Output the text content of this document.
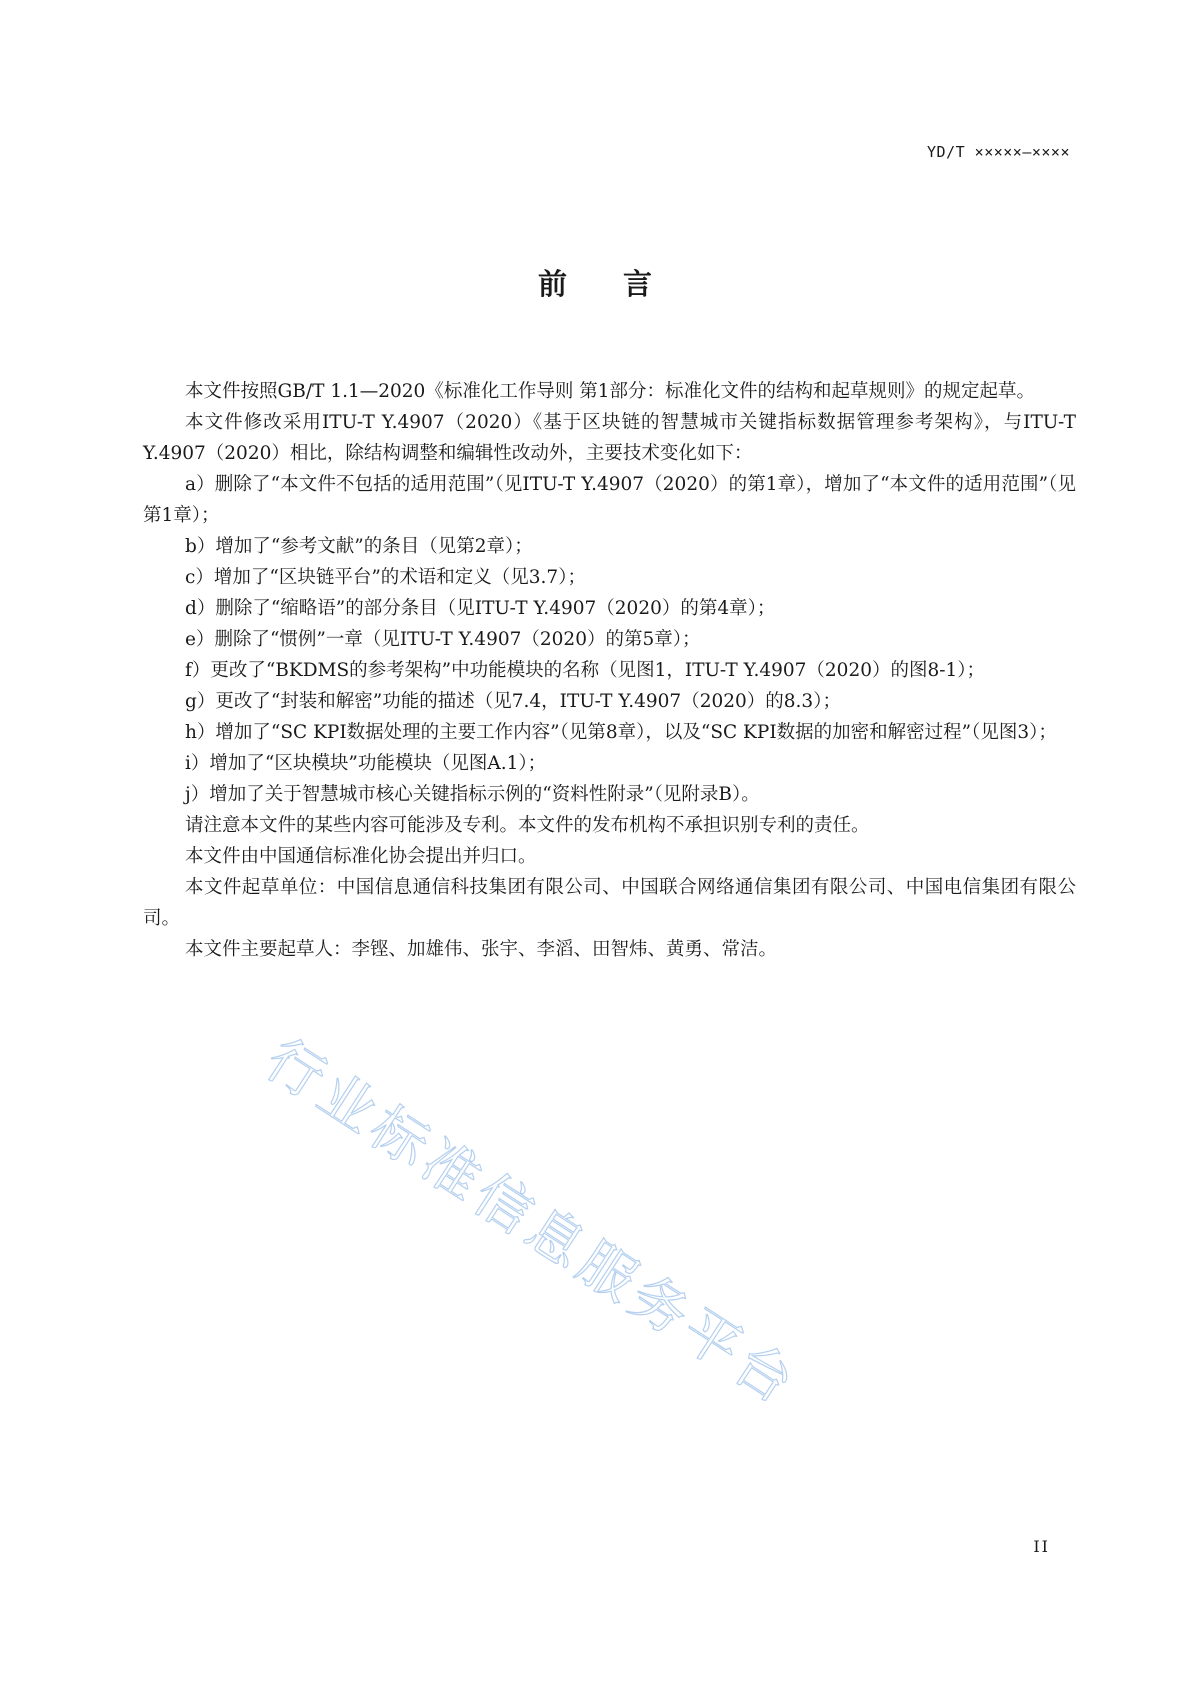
YD/T ×××××—××××
前言

本文件按照GB/T 1.1—2020《标准化工作导则 第1部分：标准化文件的结构和起草规则》的规定起草。

本文件修改采用ITU-T Y.4907（2020）《基于区块链的智慧城市关键指标数据管理参考架构》，与ITU-T Y.4907（2020）相比，除结构调整和编辑性改动外，主要技术变化如下：

a）删除了“本文件不包括的适用范围”（见ITU-T Y.4907（2020）的第1章），增加了“本文件的适用范围”（见第1章）；

b）增加了“参考文献”的条目（见第2章）；

c）增加了“区块链平台”的术语和定义（见3.7）；

d）删除了“缩略语”的部分条目（见ITU-T Y.4907（2020）的第4章）；

e）删除了“惯例”一章（见ITU-T Y.4907（2020）的第5章）；

f）更改了“BKDMS的参考架构”中功能模块的名称（见图1，ITU-T Y.4907（2020）的图8-1）；

g）更改了“封装和解密”功能的描述（见7.4，ITU-T Y.4907（2020）的8.3）；

h）增加了“SC KPI数据处理的主要工作内容”（见第8章），以及“SC KPI数据的加密和解密过程”（见图3）；

i）增加了“区块模块”功能模块（见图A.1）；

j）增加了关于智慧城市核心关键指标示例的“资料性附录”（见附录B）。

请注意本文件的某些内容可能涉及专利。本文件的发布机构不承担识别专利的责任。

本文件由中国通信标准化协会提出并归口。

本文件起草单位：中国信息通信科技集团有限公司、中国联合网络通信集团有限公司、中国电信集团有限公司。

本文件主要起草人：李铿、加雄伟、张宇、李滔、田智炜、黄勇、常洁。

行业标准信息服务平台
II
